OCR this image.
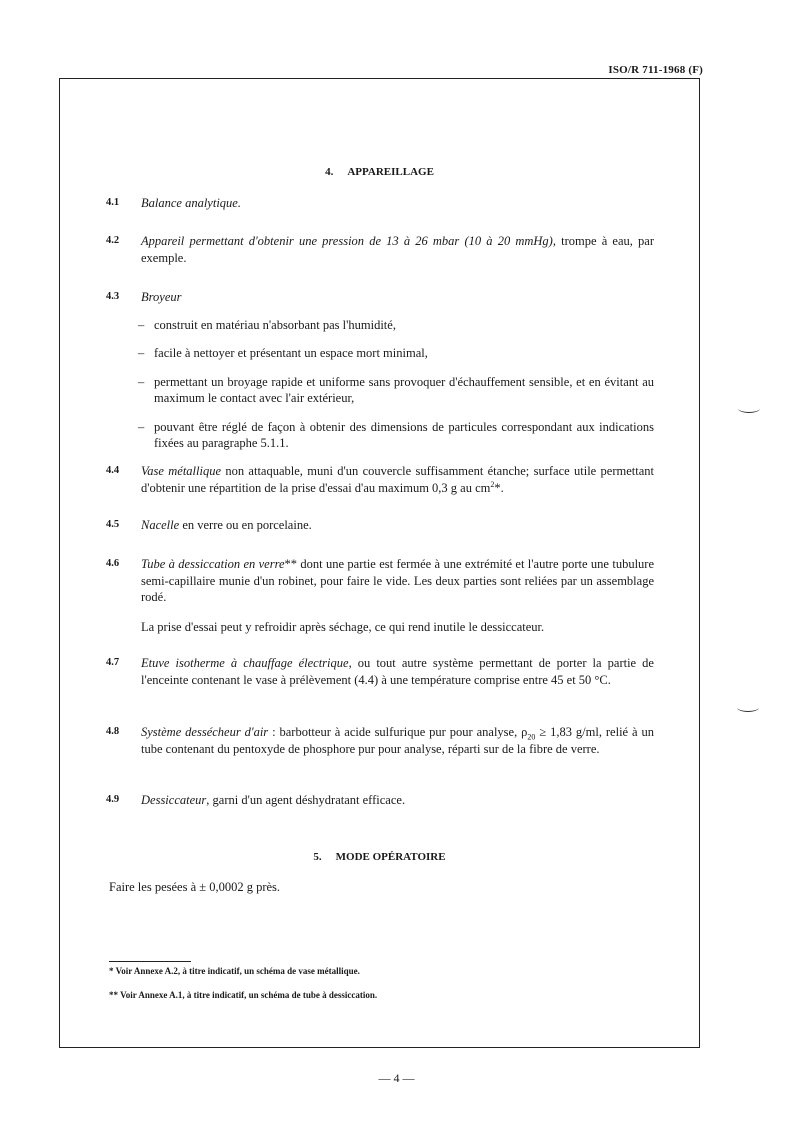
ISO/R 711-1968 (F)
4. APPAREILLAGE
4.1 Balance analytique.

4.2 Appareil permettant d'obtenir une pression de 13 à 26 mbar (10 à 20 mmHg), trompe à eau, par exemple.

4.3 Broyeur

– construit en matériau n'absorbant pas l'humidité,
– facile à nettoyer et présentant un espace mort minimal,
– permettant un broyage rapide et uniforme sans provoquer d'échauffement sensible, et en évitant au maximum le contact avec l'air extérieur,
– pouvant être réglé de façon à obtenir des dimensions de particules correspondant aux indications fixées au paragraphe 5.1.1.
4.4 Vase métallique non attaquable, muni d'un couvercle suffisamment étanche; surface utile permettant d'obtenir une répartition de la prise d'essai d'au maximum 0,3 g au $cm^2*$.

4.5 Nacelle en verre ou en porcelaine.

4.6 Tube à dessiccation en verre** dont une partie est fermée à une extrémité et l'autre porte une tubulure semi-capillaire munie d'un robinet, pour faire le vide. Les deux parties sont reliées par un assemblage rodé.

La prise d'essai peut y refroidir après séchage, ce qui rend inutile le dessiccateur.

4.7 Etuve isotherme à chauffage électrique, ou tout autre système permettant de porter la partie de l'enceinte contenant le vase à prélèvement (4.4) à une température comprise entre 45 et 50 °C.

4.8 Système dessécheur d'air : barbotteur à acide sulfurique pur pour analyse, $\rho_{20} \ge 1,83$ g/ml, relié à un tube contenant du pentoxyde de phosphore pur pour analyse, réparti sur de la fibre de verre.

4.9 Dessiccateur, garni d'un agent déshydratant efficace.

5. MODE OPÉRATOIRE
Faire les pesées à ± 0,0002 g près.
* Voir Annexe A.2, à titre indicatif, un schéma de vase métallique.
** Voir Annexe A.1, à titre indicatif, un schéma de tube à dessiccation.
— 4 —
